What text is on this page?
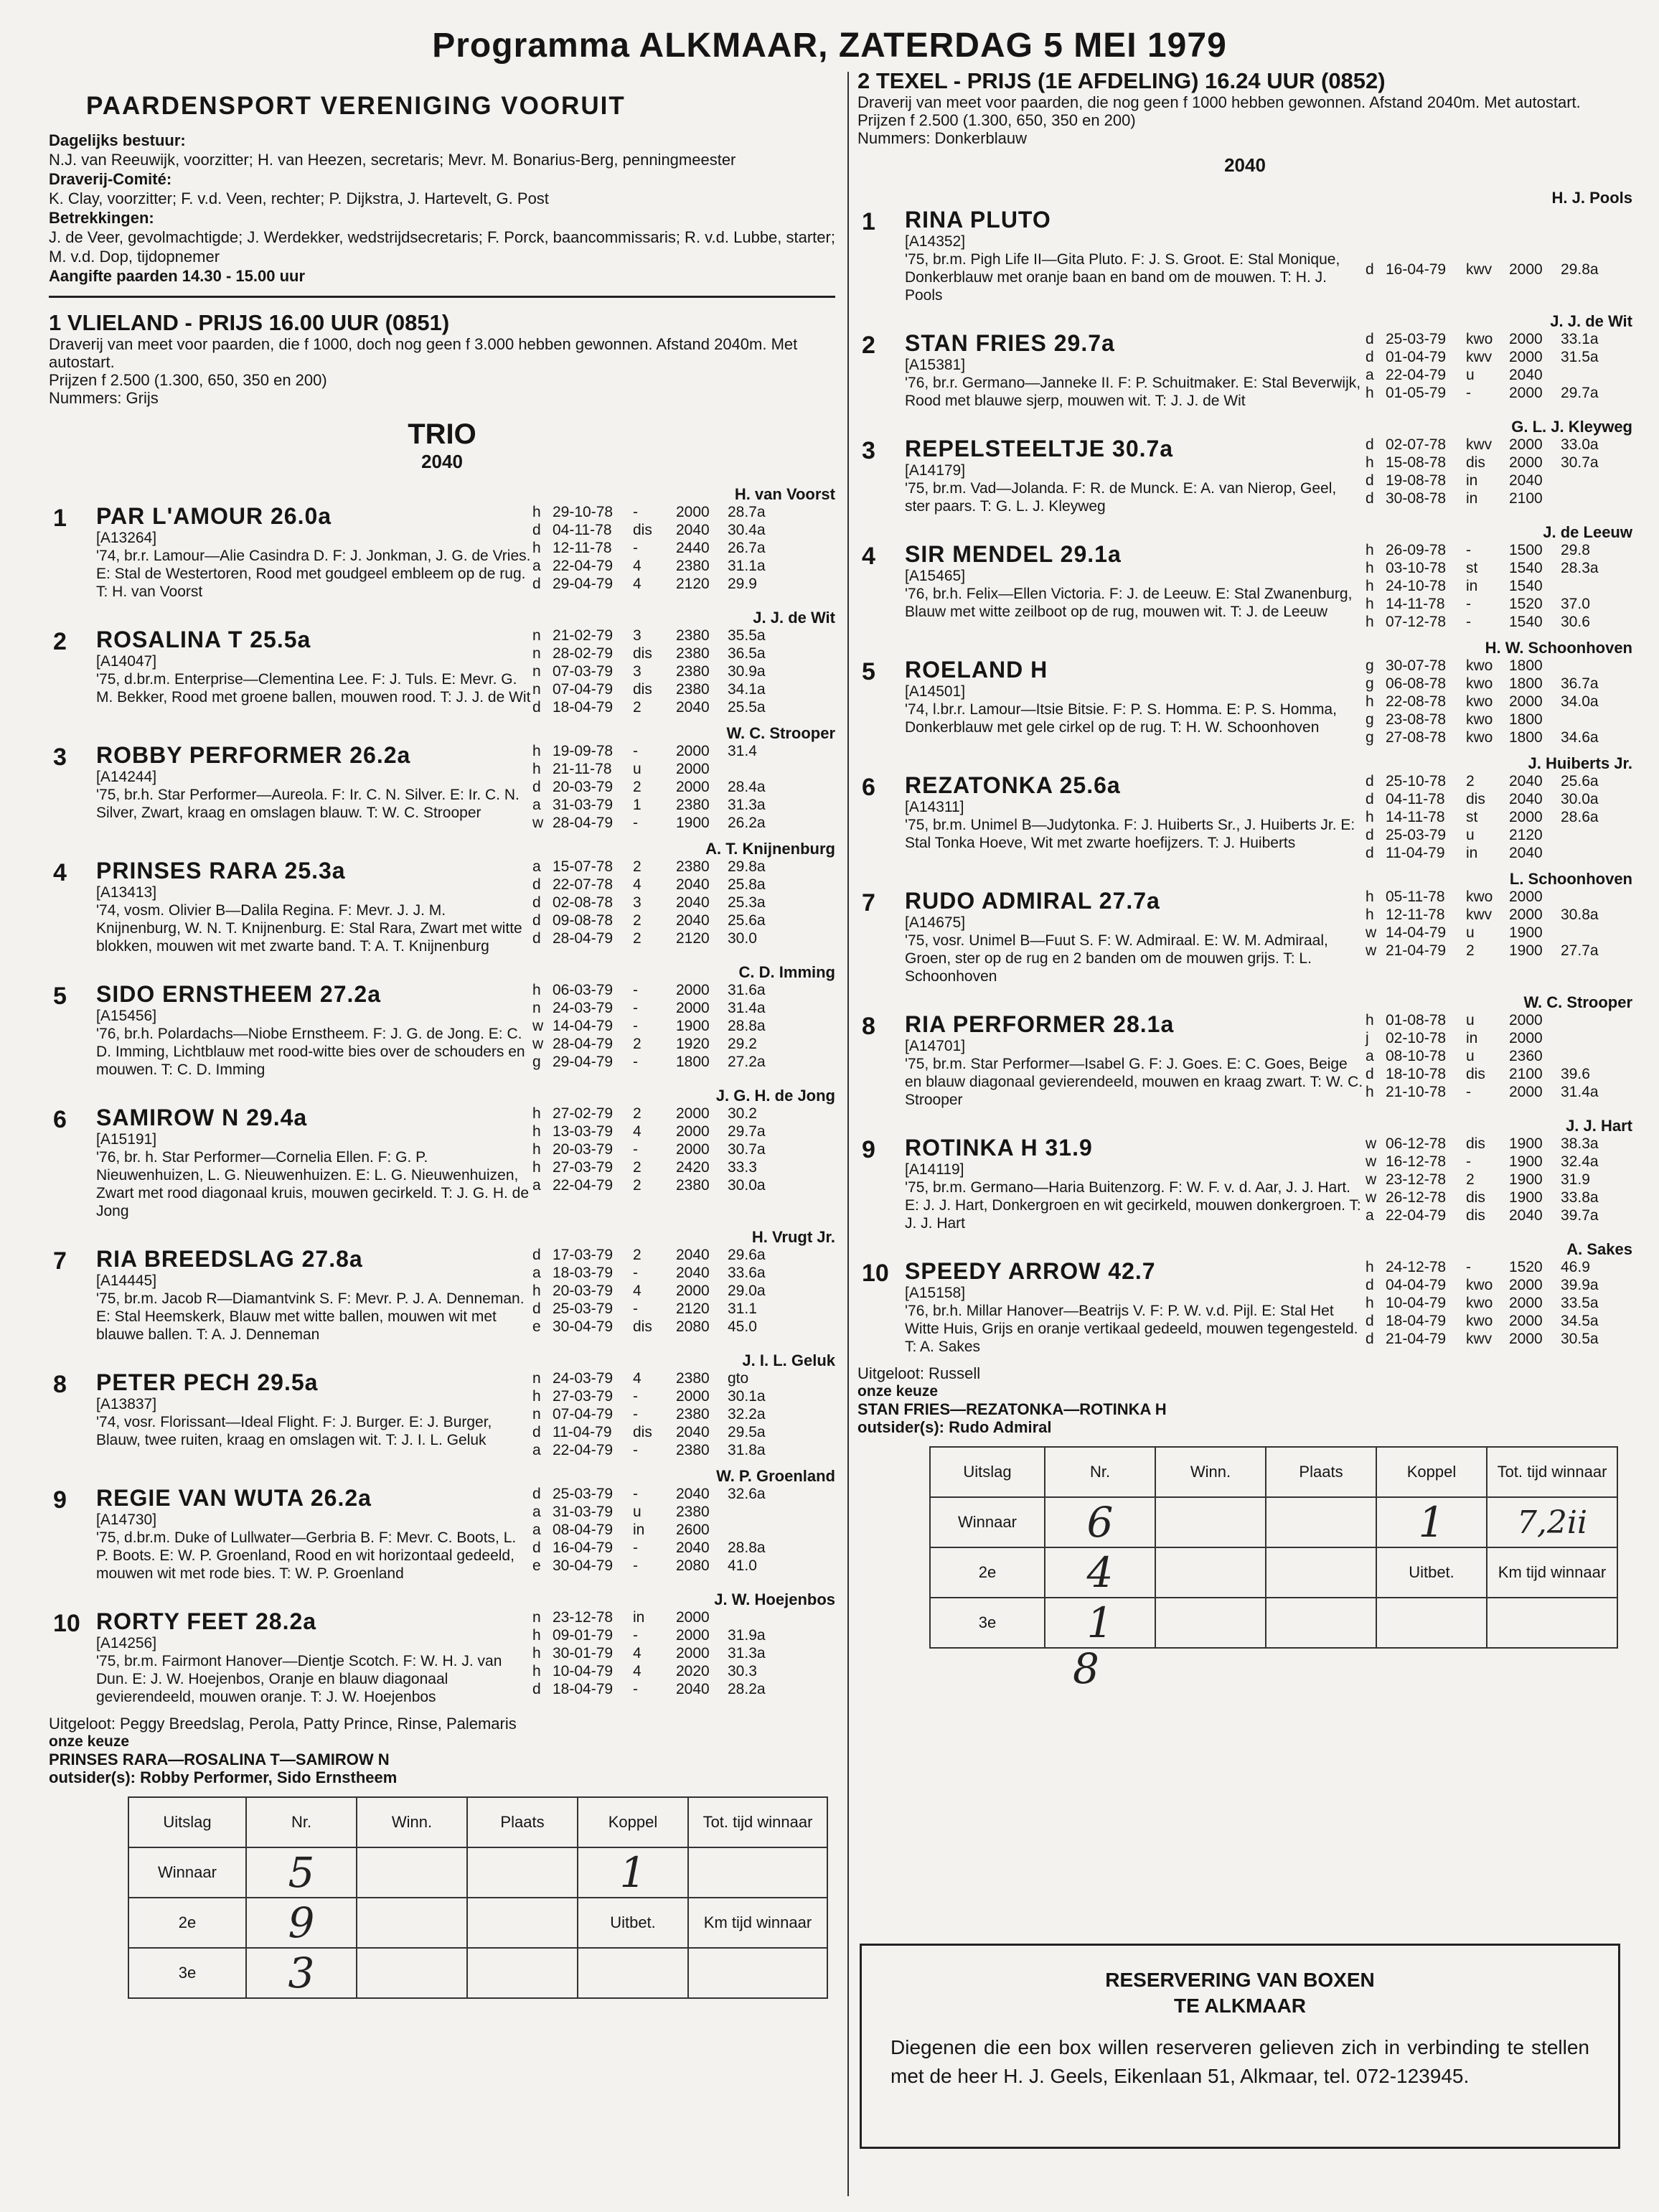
Programma ALKMAAR, ZATERDAG 5 MEI 1979
PAARDENSPORT VERENIGING VOORUIT
Dagelijks bestuur:
N.J. van Reeuwijk, voorzitter; H. van Heezen, secretaris; Mevr. M. Bonarius-Berg, penningmeester
Draverij-Comité:
K. Clay, voorzitter; F. v.d. Veen, rechter; P. Dijkstra, J. Hartevelt, G. Post
Betrekkingen:
J. de Veer, gevolmachtigde; J. Werdekker, wedstrijdsecretaris; F. Porck, baancommissaris; R. v.d. Lubbe, starter; M. v.d. Dop, tijdopnemer
Aangifte paarden 14.30 - 15.00 uur
1 VLIELAND - PRIJS 16.00 UUR (0851)
Draverij van meet voor paarden, die f 1000, doch nog geen f 3.000 hebben gewonnen. Afstand 2040m. Met autostart.
Prijzen f 2.500 (1.300, 650, 350 en 200)
Nummers: Grijs
TRIO
2040
1
H. van Voorst
PAR L'AMOUR 26.0a
[A13264]
'74, br.r. Lamour—Alie Casindra D. F: J. Jonkman, J. G. de Vries. E: Stal de Westertoren, Rood met goudgeel embleem op de rug. T: H. van Voorst
h 29-10-78	-	2000	28.7a
d 04-11-78	dis	2040	30.4a
h 12-11-78	-	2440	26.7a
a 22-04-79	4	2380	31.1a
d 29-04-79	4	2120	29.9
2
J. J. de Wit
ROSALINA T 25.5a
[A14047]
'75, d.br.m. Enterprise—Clementina Lee. F: J. Tuls. E: Mevr. G. M. Bekker, Rood met groene ballen, mouwen rood. T: J. J. de Wit
n 21-02-79	3	2380	35.5a
n 28-02-79	dis	2380	36.5a
n 07-03-79	3	2380	30.9a
n 07-04-79	dis	2380	34.1a
d 18-04-79	2	2040	25.5a
3
W. C. Strooper
ROBBY PERFORMER 26.2a
[A14244]
'75, br.h. Star Performer—Aureola. F: Ir. C. N. Silver. E: Ir. C. N. Silver, Zwart, kraag en omslagen blauw. T: W. C. Strooper
h 19-09-78	-	2000	31.4
h 21-11-78	u	2000

d 20-03-79	2	2000	28.4a
a 31-03-79	1	2380	31.3a
w 28-04-79	-	1900	26.2a
4
A. T. Knijnenburg
PRINSES RARA 25.3a
[A13413]
'74, vosm. Olivier B—Dalila Regina. F: Mevr. J. J. M. Knijnenburg, W. N. T. Knijnenburg. E: Stal Rara, Zwart met witte blokken, mouwen wit met zwarte band. T: A. T. Knijnenburg
a 15-07-78	2	2380	29.8a
d 22-07-78	4	2040	25.8a
d 02-08-78	3	2040	25.3a
d 09-08-78	2	2040	25.6a
d 28-04-79	2	2120	30.0
5
C. D. Imming
SIDO ERNSTHEEM 27.2a
[A15456]
'76, br.h. Polardachs—Niobe Ernstheem. F: J. G. de Jong. E: C. D. Imming, Lichtblauw met rood-witte bies over de schouders en mouwen. T: C. D. Imming
h 06-03-79	-	2000	31.6a
n 24-03-79	-	2000	31.4a
w 14-04-79	-	1900	28.8a
w 28-04-79	2	1920	29.2
g 29-04-79	-	1800	27.2a
6
J. G. H. de Jong
SAMIROW N 29.4a
[A15191]
'76, br. h. Star Performer—Cornelia Ellen. F: G. P. Nieuwenhuizen, L. G. Nieuwenhuizen. E: L. G. Nieuwenhuizen, Zwart met rood diagonaal kruis, mouwen gecirkeld. T: J. G. H. de Jong
h 27-02-79	2	2000	30.2
h 13-03-79	4	2000	29.7a
h 20-03-79	-	2000	30.7a
h 27-03-79	2	2420	33.3
a 22-04-79	2	2380	30.0a
7
H. Vrugt Jr.
RIA BREEDSLAG 27.8a
[A14445]
'75, br.m. Jacob R—Diamantvink S. F: Mevr. P. J. A. Denneman. E: Stal Heemskerk, Blauw met witte ballen, mouwen wit met blauwe ballen. T: A. J. Denneman
d 17-03-79	2	2040	29.6a
a 18-03-79	-	2040	33.6a
h 20-03-79	4	2000	29.0a
d 25-03-79	-	2120	31.1
e 30-04-79	dis	2080	45.0
8
J. I. L. Geluk
PETER PECH 29.5a
[A13837]
'74, vosr. Florissant—Ideal Flight. F: J. Burger. E: J. Burger, Blauw, twee ruiten, kraag en omslagen wit. T: J. I. L. Geluk
n 24-03-79	4	2380	gto
h 27-03-79	-	2000	30.1a
n 07-04-79	-	2380	32.2a
d 11-04-79	dis	2040	29.5a
a 22-04-79	-	2380	31.8a
9
W. P. Groenland
REGIE VAN WUTA 26.2a
[A14730]
'75, d.br.m. Duke of Lullwater—Gerbria B. F: Mevr. C. Boots, L. P. Boots. E: W. P. Groenland, Rood en wit horizontaal gedeeld, mouwen wit met rode bies. T: W. P. Groenland
d 25-03-79	-	2040	32.6a
a 31-03-79	u	2380

a 08-04-79	in	2600

d 16-04-79	-	2040	28.8a
e 30-04-79	-	2080	41.0
10
J. W. Hoejenbos
RORTY FEET 28.2a
[A14256]
'75, br.m. Fairmont Hanover—Dientje Scotch. F: W. H. J. van Dun. E: J. W. Hoejenbos, Oranje en blauw diagonaal gevierendeeld, mouwen oranje. T: J. W. Hoejenbos
n 23-12-78	in	2000

h 09-01-79	-	2000	31.9a
h 30-01-79	4	2000	31.3a
h 10-04-79	4	2020	30.3
d 18-04-79	-	2040	28.2a
Uitgeloot: Peggy Breedslag, Perola, Patty Prince, Rinse, Palemaris
onze keuze
PRINSES RARA—ROSALINA T—SAMIROW N
outsider(s): Robby Performer, Sido Ernstheem
Uitslag	Nr.	Winn.	Plaats	Koppel	Tot. tijd winnaar
Winnaar	5			1	
2e	9			Uitbet.	Km tijd winnaar
3e	3				
2 TEXEL - PRIJS (1E AFDELING) 16.24 UUR (0852)
Draverij van meet voor paarden, die nog geen f 1000 hebben gewonnen. Afstand 2040m. Met autostart.
Prijzen f 2.500 (1.300, 650, 350 en 200)
Nummers: Donkerblauw
2040
1
H. J. Pools
RINA PLUTO
[A14352]
'75, br.m. Pigh Life II—Gita Pluto. F: J. S. Groot. E: Stal Monique, Donkerblauw met oranje baan en band om de mouwen. T: H. J. Pools

d 16-04-79	kwv	2000	29.8a
2
J. J. de Wit
STAN FRIES 29.7a
[A15381]
'76, br.r. Germano—Janneke II. F: P. Schuitmaker. E: Stal Beverwijk, Rood met blauwe sjerp, mouwen wit. T: J. J. de Wit
d 25-03-79	kwo	2000	33.1a
d 01-04-79	kwv	2000	31.5a
a 22-04-79	u	2040

h 01-05-79	-	2000	29.7a
3
G. L. J. Kleyweg
REPELSTEELTJE 30.7a
[A14179]
'75, br.m. Vad—Jolanda. F: R. de Munck. E: A. van Nierop, Geel, ster paars. T: G. L. J. Kleyweg
d 02-07-78	kwv	2000	33.0a
h 15-08-78	dis	2000	30.7a
d 19-08-78	in	2040

d 30-08-78	in	2100

4
J. de Leeuw
SIR MENDEL 29.1a
[A15465]
'76, br.h. Felix—Ellen Victoria. F: J. de Leeuw. E: Stal Zwanenburg, Blauw met witte zeilboot op de rug, mouwen wit. T: J. de Leeuw
h 26-09-78	-	1500	29.8
h 03-10-78	st	1540	28.3a
h 24-10-78	in	1540

h 14-11-78	-	1520	37.0
h 07-12-78	-	1540	30.6
5
H. W. Schoonhoven
ROELAND H
[A14501]
'74, l.br.r. Lamour—Itsie Bitsie. F: P. S. Homma. E: P. S. Homma, Donkerblauw met gele cirkel op de rug. T: H. W. Schoonhoven
g 30-07-78	kwo	1800

g 06-08-78	kwo	1800	36.7a
h 22-08-78	kwo	2000	34.0a
g 23-08-78	kwo	1800

g 27-08-78	kwo	1800	34.6a
6
J. Huiberts Jr.
REZATONKA 25.6a
[A14311]
'75, br.m. Unimel B—Judytonka. F: J. Huiberts Sr., J. Huiberts Jr. E: Stal Tonka Hoeve, Wit met zwarte hoefijzers. T: J. Huiberts
d 25-10-78	2	2040	25.6a
d 04-11-78	dis	2040	30.0a
h 14-11-78	st	2000	28.6a
d 25-03-79	u	2120

d 11-04-79	in	2040

7
L. Schoonhoven
RUDO ADMIRAL 27.7a
[A14675]
'75, vosr. Unimel B—Fuut S. F: W. Admiraal. E: W. M. Admiraal, Groen, ster op de rug en 2 banden om de mouwen grijs. T: L. Schoonhoven
h 05-11-78	kwo	2000

h 12-11-78	kwv	2000	30.8a
w 14-04-79	u	1900

w 21-04-79	2	1900	27.7a
8
W. C. Strooper
RIA PERFORMER 28.1a
[A14701]
'75, br.m. Star Performer—Isabel G. F: J. Goes. E: C. Goes, Beige en blauw diagonaal gevierendeeld, mouwen en kraag zwart. T: W. C. Strooper
h 01-08-78	u	2000

j	02-10-78	in	2000

a 08-10-78	u	2360

d 18-10-78	dis	2100	39.6
h 21-10-78	-	2000	31.4a
9
J. J. Hart
ROTINKA H 31.9
[A14119]
'75, br.m. Germano—Haria Buitenzorg. F: W. F. v. d. Aar, J. J. Hart. E: J. J. Hart, Donkergroen en wit gecirkeld, mouwen donkergroen. T: J. J. Hart
w 06-12-78	dis	1900	38.3a
w 16-12-78	-	1900	32.4a
w 23-12-78	2	1900	31.9
w 26-12-78	dis	1900	33.8a
a 22-04-79	dis	2040	39.7a
10
A. Sakes
SPEEDY ARROW 42.7
[A15158]
'76, br.h. Millar Hanover—Beatrijs V. F: P. W. v.d. Pijl. E: Stal Het Witte Huis, Grijs en oranje vertikaal gedeeld, mouwen tegengesteld. T: A. Sakes
h 24-12-78	-	1520	46.9
d 04-04-79	kwo	2000	39.9a
h 10-04-79	kwo	2000	33.5a
d 18-04-79	kwo	2000	34.5a
d 21-04-79	kwv	2000	30.5a
Uitgeloot: Russell
onze keuze
STAN FRIES—REZATONKA—ROTINKA H
outsider(s): Rudo Admiral
Uitslag	Nr.	Winn.	Plaats	Koppel	Tot. tijd winnaar
Winnaar	6			1	7,2ii
2e	4			Uitbet.	Km tijd winnaar
3e	1				
8
RESERVERING VAN BOXEN
TE ALKMAAR
Diegenen die een box willen reserveren gelieven zich in verbinding te stellen met de heer H. J. Geels, Eikenlaan 51, Alkmaar, tel. 072-123945.
